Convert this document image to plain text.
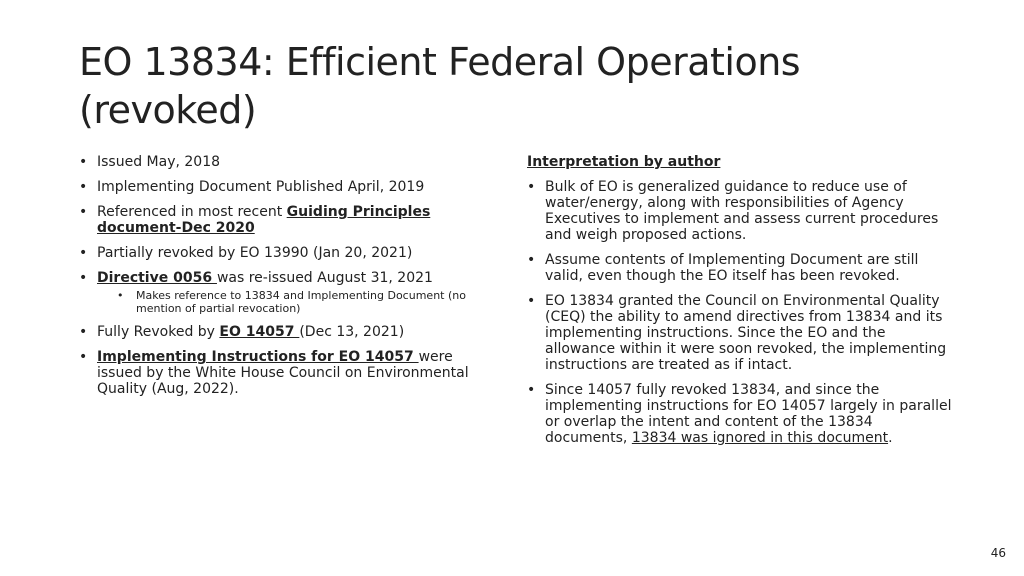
EO 13834: Efficient Federal Operations (revoked)
• Issued May, 2018
• Implementing Document Published April, 2019
• Referenced in most recent Guiding Principles document-Dec 2020
• Partially revoked by EO 13990 (Jan 20, 2021)
• Directive 0056 was re-issued August 31, 2021
• Makes reference to 13834 and Implementing Document (no mention of partial revocation)
• Fully Revoked by EO 14057 (Dec 13, 2021)
• Implementing Instructions for EO 14057 were issued by the White House Council on Environmental Quality (Aug, 2022).
Interpretation by author
• Bulk of EO is generalized guidance to reduce use of water/energy, along with responsibilities of Agency Executives to implement and assess current procedures and weigh proposed actions.
• Assume contents of Implementing Document are still valid, even though the EO itself has been revoked.
• EO 13834 granted the Council on Environmental Quality (CEQ) the ability to amend directives from 13834 and its implementing instructions. Since the EO and the allowance within it were soon revoked, the implementing instructions are treated as if intact.
• Since 14057 fully revoked 13834, and since the implementing instructions for EO 14057 largely in parallel or overlap the intent and content of the 13834 documents, 13834 was ignored in this document.
46
